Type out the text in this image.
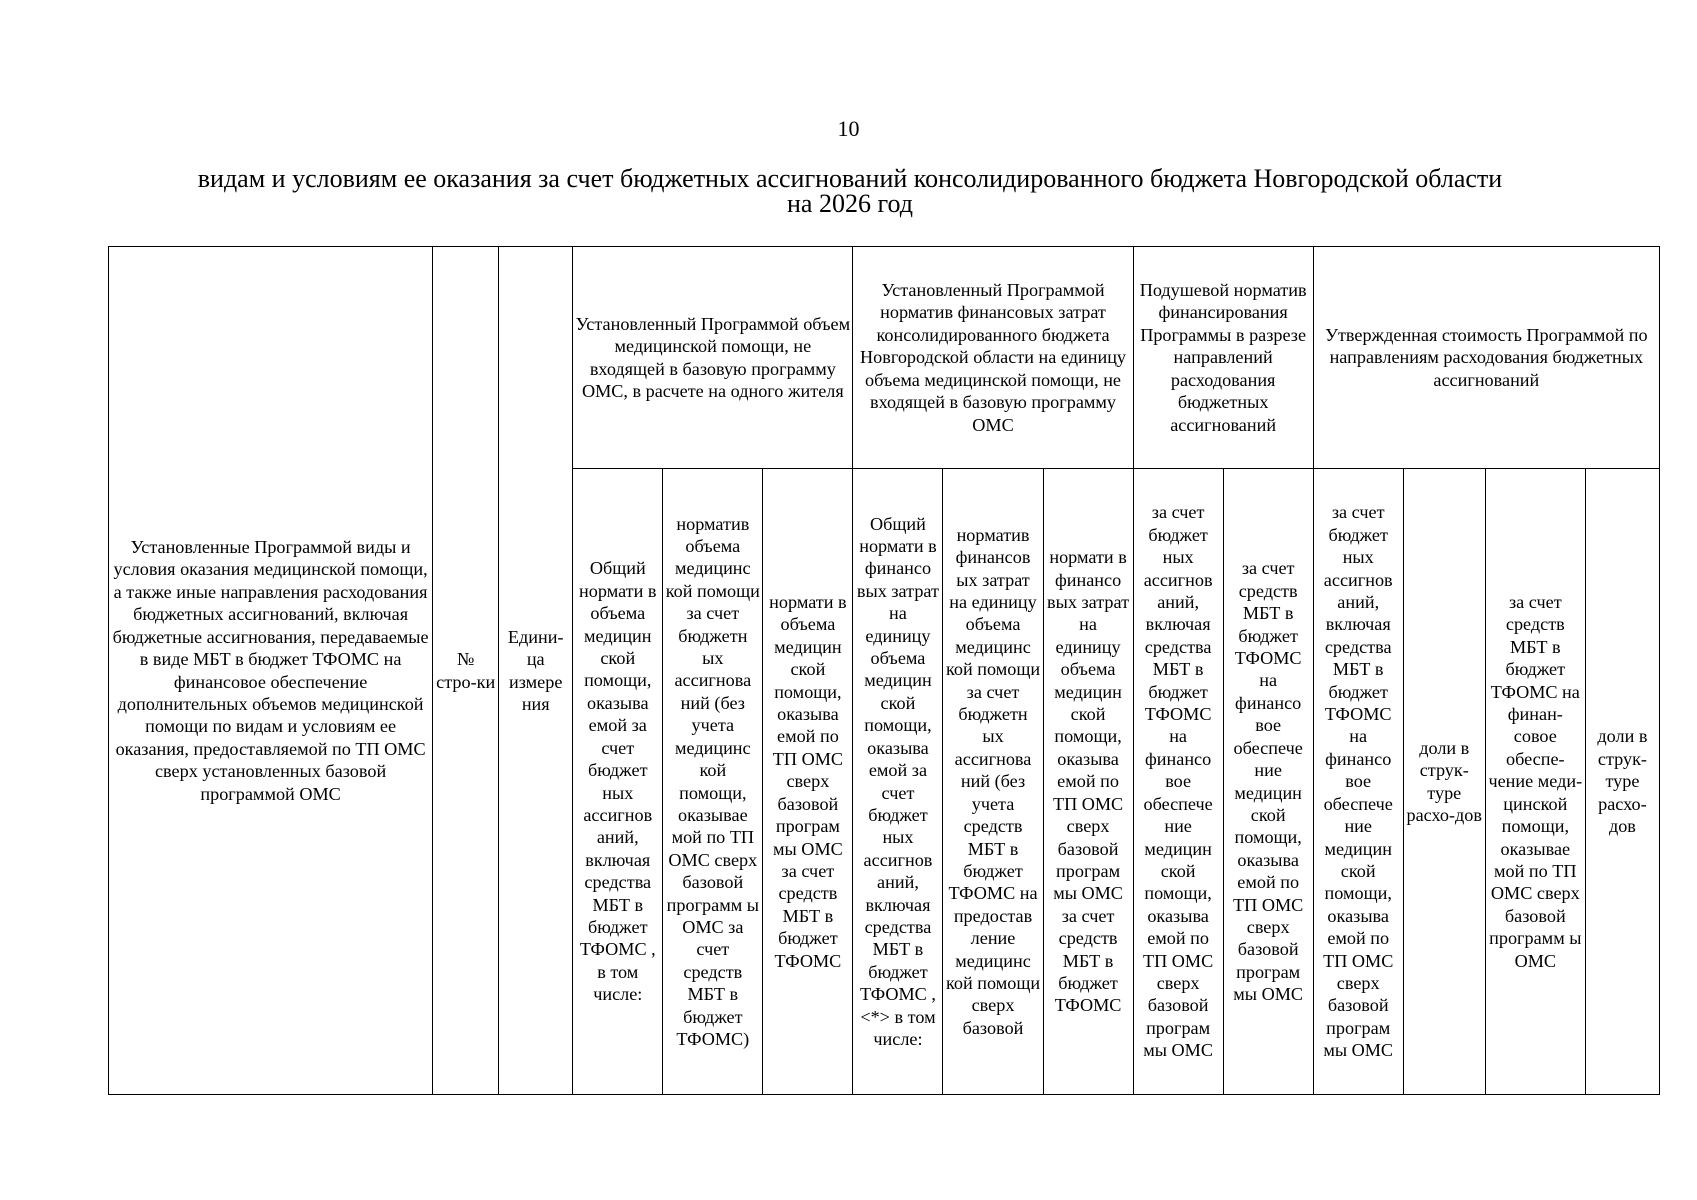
10
видам и условиям ее оказания за счет бюджетных ассигнований консолидированного бюджета Новгородской области
на 2026 год
Установленные Программой виды и условия оказания медицинской помощи, а также иные направления расходования бюджетных ассигнований, включая бюджетные ассигнования, передаваемые в виде МБТ в бюджет ТФОМС на финансовое обеспечение дополнительных объемов медицинской помощи по видам и условиям ее оказания, предоставляемой по ТП ОМС сверх установленных базовой программой ОМС	№ стро-ки	Едини-ца измере ния	Установленный Программой объем медицинской помощи, не входящей в базовую программу ОМС, в расчете на одного жителя			Установленный Программой норматив финансовых затрат консолидированного бюджета Новгородской области на единицу объема медицинской помощи, не входящей в базовую программу ОМС			Подушевой норматив финансирования Программы в разрезе направлений расходования бюджетных ассигнований		Утвержденная стоимость Программой по направлениям расходования бюджетных ассигнований			
			Общий нормати в объема медицин ской помощи, оказыва емой за счет бюджет ных ассигнов аний, включая средства МБТ в бюджет ТФОМС , в том числе:	норматив объема медицинс кой помощи за счет бюджетн ых ассигнова ний (без учета медицинс кой помощи, оказывае мой по ТП ОМС сверх базовой программ ы ОМС за счет средств МБТ в бюджет ТФОМС)	нормати в объема медицин ской помощи, оказыва емой по ТП ОМС сверх базовой програм мы ОМС за счет средств МБТ в бюджет ТФОМС	Общий нормати в финансо вых затрат на единицу объема медицин ской помощи, оказыва емой за счет бюджет ных ассигнов аний, включая средства МБТ в бюджет ТФОМС , <*> в том числе:	норматив финансов ых затрат на единицу объема медицинс кой помощи за счет бюджетн ых ассигнова ний (без учета средств МБТ в бюджет ТФОМС на предостав ление медицинс кой помощи сверх базовой	нормати в финансо вых затрат на единицу объема медицин ской помощи, оказыва емой по ТП ОМС сверх базовой програм мы ОМС за счет средств МБТ в бюджет ТФОМС	за счет бюджет ных ассигнов аний, включая средства МБТ в бюджет ТФОМС на финансо вое обеспече ние медицин ской помощи, оказыва емой по ТП ОМС сверх базовой програм мы ОМС	за счет средств МБТ в бюджет ТФОМС на финансо вое обеспече ние медицин ской помощи, оказыва емой по ТП ОМС сверх базовой програм мы ОМС	за счет бюджет ных ассигнов аний, включая средства МБТ в бюджет ТФОМС на финансо вое обеспече ние медицин ской помощи, оказыва емой по ТП ОМС сверх базовой програм мы ОМС	доли в струк-туре расхо-дов	за счет средств МБТ в бюджет ТФОМС на финан-совое обеспе-чение меди-цинской помощи, оказывае мой по ТП ОМС сверх базовой программ ы ОМС	доли в струк-туре расхо-дов
